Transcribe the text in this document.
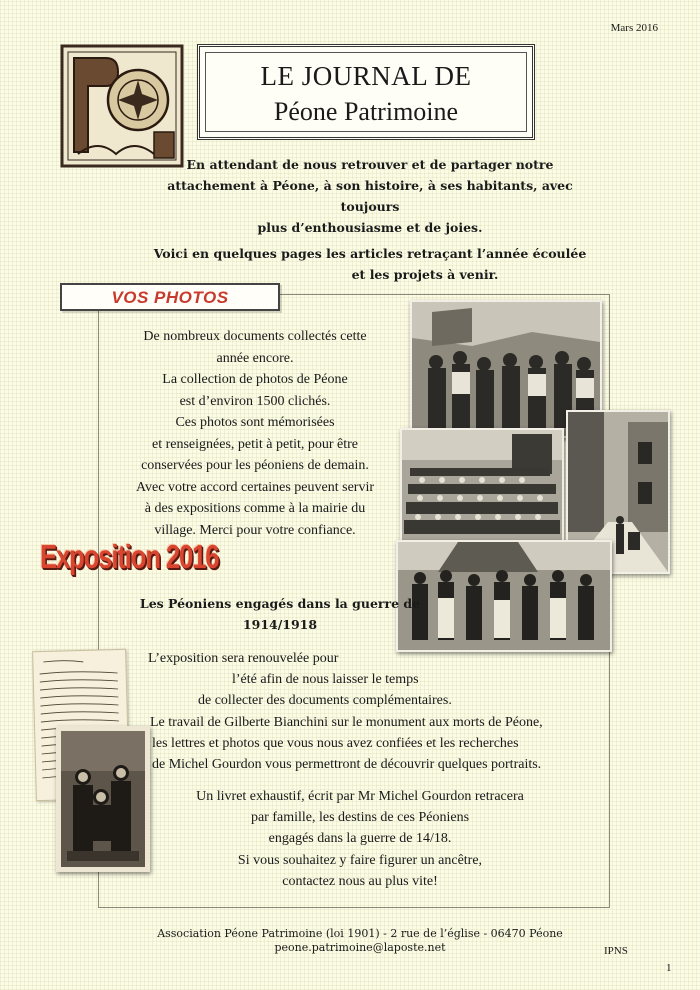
Mars 2016
LE JOURNAL DE
Péone Patrimoine
En attendant de nous retrouver et de partager notre
attachement à Péone, à son histoire, à ses habitants, avec toujours
plus d’enthousiasme et de joies.
Voici en quelques pages les articles retraçant l’année écoulée
et les projets à venir.
VOS PHOTOS
De nombreux documents collectés cette
année encore.
La collection de photos de Péone
est d’environ 1500 clichés.
Ces photos sont mémorisées
et renseignées, petit à petit, pour être
conservées pour les péoniens de demain.
Avec votre accord certaines peuvent servir
à des expositions comme à la mairie du
village. Merci pour votre confiance.
Exposition 2016
Les Péoniens engagés dans la guerre de
1914/1918
L’exposition sera renouvelée pour
l’été afin de nous laisser le temps
de collecter des documents complémentaires.
Le travail de Gilberte Bianchini sur le monument aux morts de Péone,
les lettres et photos que vous nous avez confiées et les recherches
de Michel Gourdon vous permettront de découvrir quelques portraits.
Un livret exhaustif, écrit par Mr Michel Gourdon retracera
par famille, les destins de ces Péoniens
engagés dans la guerre de 14/18.
Si vous souhaitez y faire figurer un ancêtre,
contactez nous au plus vite!
Association Péone Patrimoine (loi 1901) - 2 rue de l’église - 06470 Péone
peone.patrimoine@laposte.net	IPNS
1
